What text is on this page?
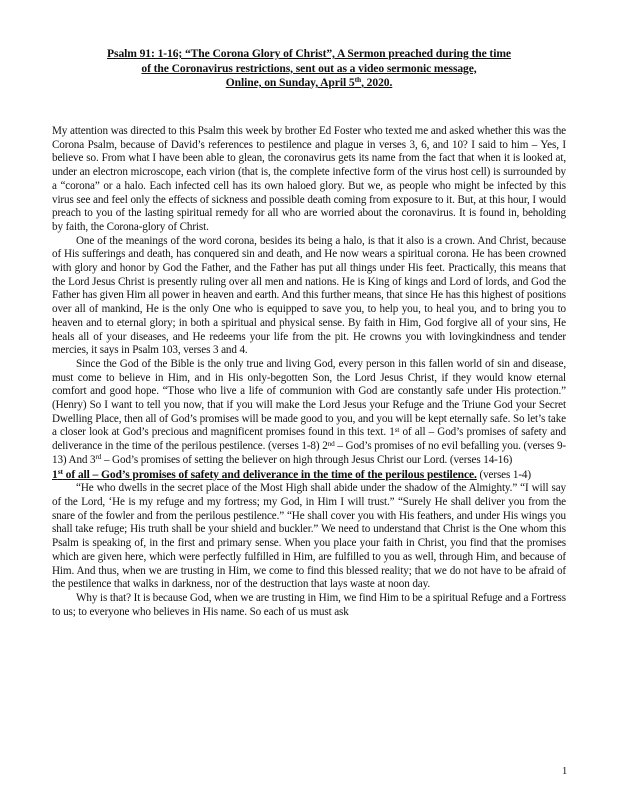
Psalm 91: 1-16; “The Corona Glory of Christ”, A Sermon preached during the time
of the Coronavirus restrictions, sent out as a video sermonic message,
Online, on Sunday, April 5th, 2020.

My attention was directed to this Psalm this week by brother Ed Foster who texted me and asked whether this was the Corona Psalm, because of David’s references to pestilence and plague in verses 3, 6, and 10? I said to him – Yes, I believe so. From what I have been able to glean, the coronavirus gets its name from the fact that when it is looked at, under an electron microscope, each virion (that is, the complete infective form of the virus host cell) is surrounded by a “corona” or a halo. Each infected cell has its own haloed glory. But we, as people who might be infected by this virus see and feel only the effects of sickness and possible death coming from exposure to it. But, at this hour, I would preach to you of the lasting spiritual remedy for all who are worried about the coronavirus. It is found in, beholding by faith, the Corona-glory of Christ.

One of the meanings of the word corona, besides its being a halo, is that it also is a crown. And Christ, because of His sufferings and death, has conquered sin and death, and He now wears a spiritual corona. He has been crowned with glory and honor by God the Father, and the Father has put all things under His feet. Practically, this means that the Lord Jesus Christ is presently ruling over all men and nations. He is King of kings and Lord of lords, and God the Father has given Him all power in heaven and earth. And this further means, that since He has this highest of positions over all of mankind, He is the only One who is equipped to save you, to help you, to heal you, and to bring you to heaven and to eternal glory; in both a spiritual and physical sense. By faith in Him, God forgive all of your sins, He heals all of your diseases, and He redeems your life from the pit. He crowns you with lovingkindness and tender mercies, it says in Psalm 103, verses 3 and 4.

Since the God of the Bible is the only true and living God, every person in this fallen world of sin and disease, must come to believe in Him, and in His only-begotten Son, the Lord Jesus Christ, if they would know eternal comfort and good hope. “Those who live a life of communion with God are constantly safe under His protection.” (Henry) So I want to tell you now, that if you will make the Lord Jesus your Refuge and the Triune God your Secret Dwelling Place, then all of God’s promises will be made good to you, and you will be kept eternally safe. So let’s take a closer look at God’s precious and magnificent promises found in this text. 1st of all – God’s promises of safety and deliverance in the time of the perilous pestilence. (verses 1-8) 2nd – God’s promises of no evil befalling you. (verses 9-13) And 3rd – God’s promises of setting the believer on high through Jesus Christ our Lord. (verses 14-16)

1st of all – God’s promises of safety and deliverance in the time of the perilous pestilence. (verses 1-4)

“He who dwells in the secret place of the Most High shall abide under the shadow of the Almighty.” “I will say of the Lord, ‘He is my refuge and my fortress; my God, in Him I will trust.” “Surely He shall deliver you from the snare of the fowler and from the perilous pestilence.” “He shall cover you with His feathers, and under His wings you shall take refuge; His truth shall be your shield and buckler.” We need to understand that Christ is the One whom this Psalm is speaking of, in the first and primary sense. When you place your faith in Christ, you find that the promises which are given here, which were perfectly fulfilled in Him, are fulfilled to you as well, through Him, and because of Him. And thus, when we are trusting in Him, we come to find this blessed reality; that we do not have to be afraid of the pestilence that walks in darkness, nor of the destruction that lays waste at noon day.

Why is that? It is because God, when we are trusting in Him, we find Him to be a spiritual Refuge and a Fortress to us; to everyone who believes in His name. So each of us must ask

1
